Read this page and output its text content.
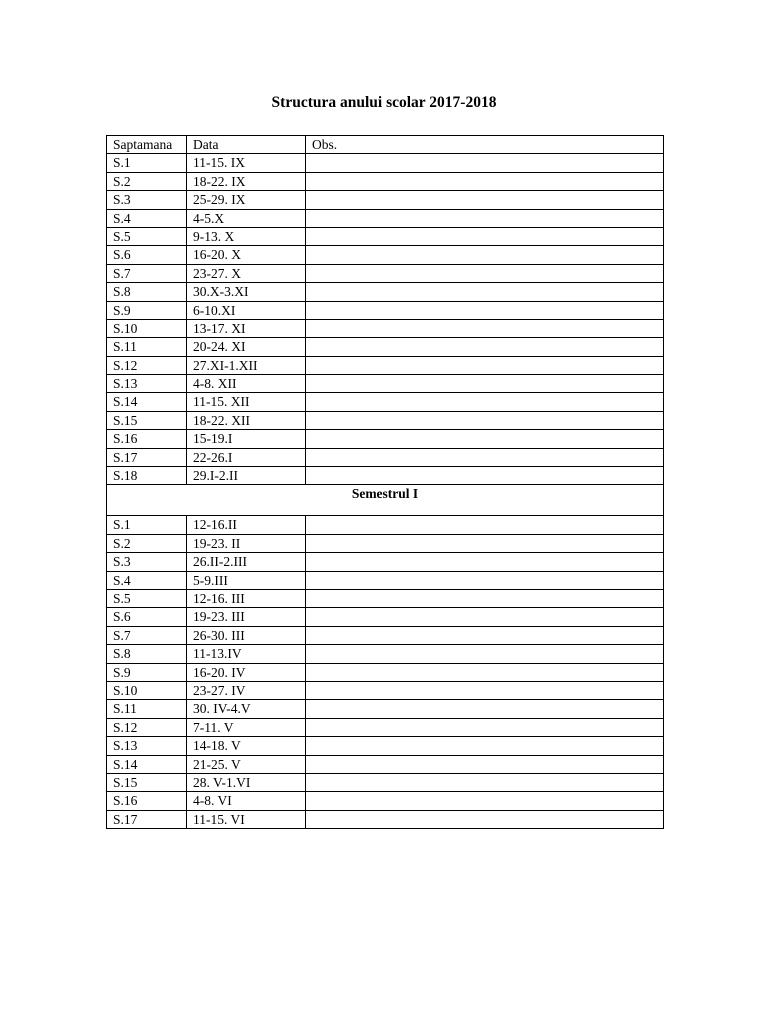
Structura anului scolar 2017-2018
Saptamana	Data	Obs.
S.1	11-15. IX	
S.2	18-22. IX	
S.3	25-29. IX	
S.4	4-5.X	
S.5	9-13. X	
S.6	16-20. X	
S.7	23-27. X	
S.8	30.X-3.XI	
S.9	6-10.XI	
S.10	13-17. XI	
S.11	20-24. XI	
S.12	27.XI-1.XII	
S.13	4-8. XII	
S.14	11-15. XII	
S.15	18-22. XII	
S.16	15-19.I	
S.17	22-26.I	
S.18	29.I-2.II	
Semestrul I		
S.1	12-16.II	
S.2	19-23. II	
S.3	26.II-2.III	
S.4	5-9.III	
S.5	12-16. III	
S.6	19-23. III	
S.7	26-30. III	
S.8	11-13.IV	
S.9	16-20. IV	
S.10	23-27. IV	
S.11	30. IV-4.V	
S.12	7-11. V	
S.13	14-18. V	
S.14	21-25. V	
S.15	28. V-1.VI	
S.16	4-8. VI	
S.17	11-15. VI	
